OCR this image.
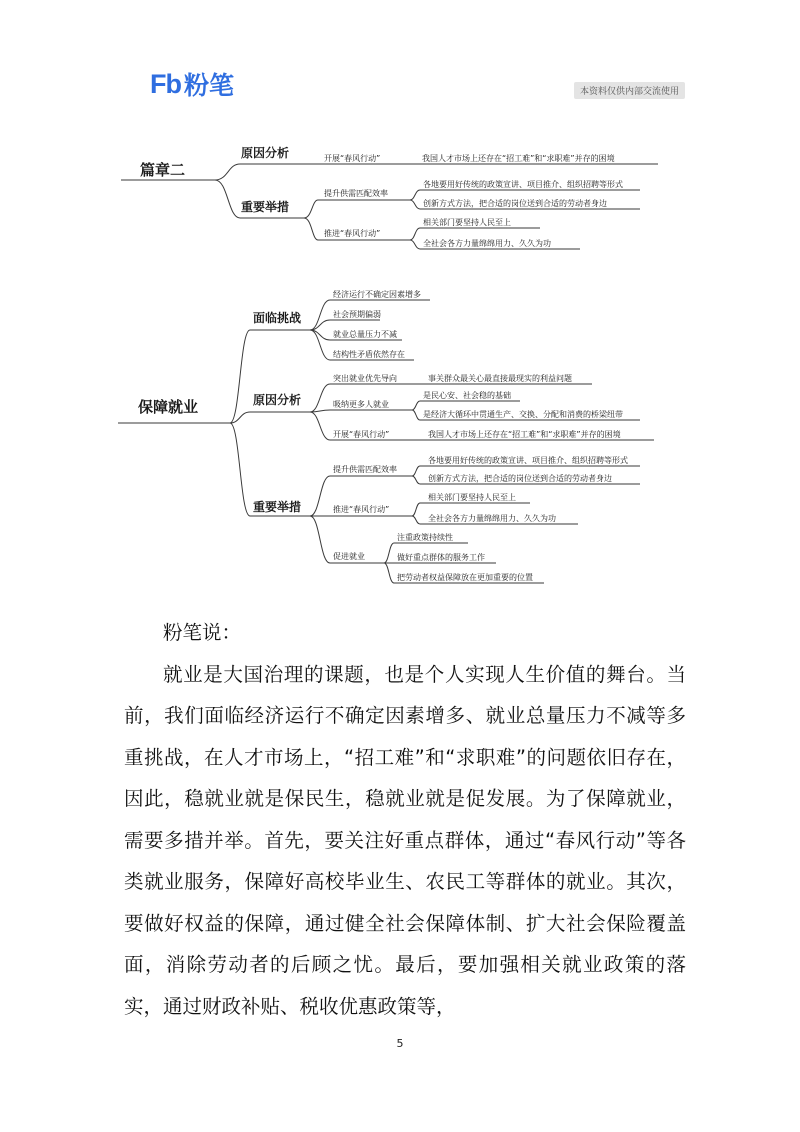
Fb 粉笔	本资料仅供内部交流使用
篇章二
原因分析
重要举措
开展“春风行动”	我国人才市场上还存在“招工难”和“求职难”并存的困境
提升供需匹配效率
推进“春风行动”
各地要用好传统的政策宣讲、项目推介、组织招聘等形式
创新方式方法，把合适的岗位送到合适的劳动者身边
相关部门要坚持人民至上
全社会各方力量绵绵用力、久久为功
保障就业
面临挑战
原因分析
重要举措
经济运行不确定因素增多
社会预期偏弱
就业总量压力不减
结构性矛盾依然存在
突出就业优先导向
吸纳更多人就业
开展“春风行动”
事关群众最关心最直接最现实的利益问题
是民心安、社会稳的基础
是经济大循环中贯通生产、交换、分配和消费的桥梁纽带
我国人才市场上还存在“招工难”和“求职难”并存的困境
提升供需匹配效率
推进“春风行动”
促进就业
各地要用好传统的政策宣讲、项目推介、组织招聘等形式
创新方式方法，把合适的岗位送到合适的劳动者身边
相关部门要坚持人民至上
全社会各方力量绵绵用力、久久为功
注重政策持续性
做好重点群体的服务工作
把劳动者权益保障放在更加重要的位置

粉笔说：

就业是大国治理的课题，也是个人实现人生价值的舞台。当前，我们面临经济运行不确定因素增多、就业总量压力不减等多重挑战，在人才市场上，“招工难”和“求职难”的问题依旧存在，因此，稳就业就是保民生，稳就业就是促发展。为了保障就业，需要多措并举。首先，要关注好重点群体，通过“春风行动”等各类就业服务，保障好高校毕业生、农民工等群体的就业。其次，要做好权益的保障，通过健全社会保障体制、扩大社会保险覆盖面，消除劳动者的后顾之忧。最后，要加强相关就业政策的落实，通过财政补贴、税收优惠政策等，

5
